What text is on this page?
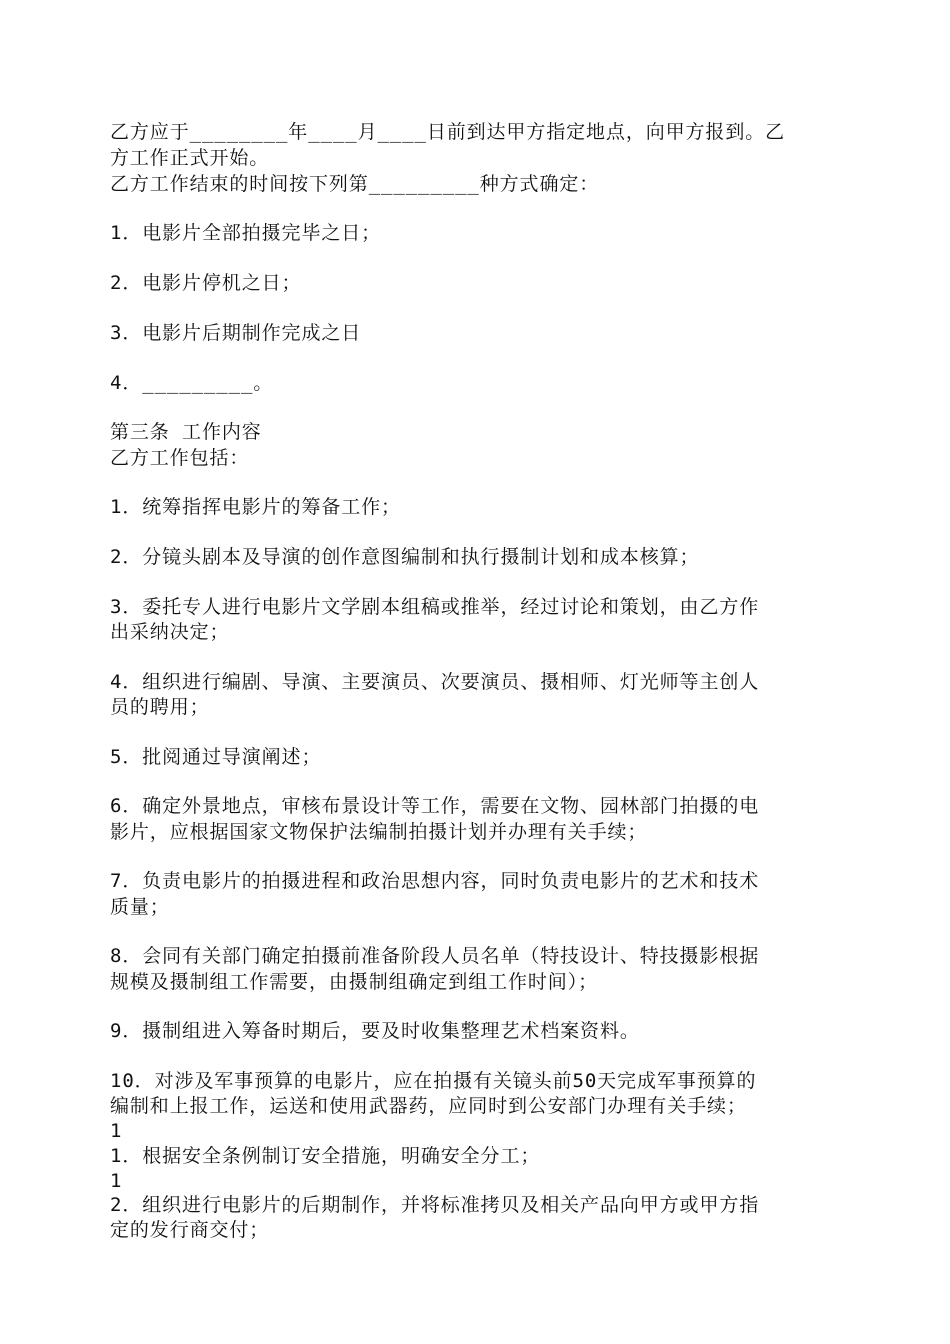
乙方应于________年____月____日前到达甲方指定地点，向甲方报到。乙
方工作正式开始。
乙方工作结束的时间按下列第_________种方式确定：
1．电影片全部拍摄完毕之日；
2．电影片停机之日；
3．电影片后期制作完成之日
4．_________。
第三条 工作内容
乙方工作包括：
1．统筹指挥电影片的筹备工作；
2．分镜头剧本及导演的创作意图编制和执行摄制计划和成本核算；
3．委托专人进行电影片文学剧本组稿或推举，经过讨论和策划，由乙方作
出采纳决定；
4．组织进行编剧、导演、主要演员、次要演员、摄相师、灯光师等主创人
员的聘用；
5．批阅通过导演阐述；
6．确定外景地点，审核布景设计等工作，需要在文物、园林部门拍摄的电
影片，应根据国家文物保护法编制拍摄计划并办理有关手续；
7．负责电影片的拍摄进程和政治思想内容，同时负责电影片的艺术和技术
质量；
8．会同有关部门确定拍摄前准备阶段人员名单（特技设计、特技摄影根据
规模及摄制组工作需要，由摄制组确定到组工作时间）；
9．摄制组进入筹备时期后，要及时收集整理艺术档案资料。
10．对涉及军事预算的电影片，应在拍摄有关镜头前50天完成军事预算的
编制和上报工作，运送和使用武器药，应同时到公安部门办理有关手续；
1
1．根据安全条例制订安全措施，明确安全分工；
1
2．组织进行电影片的后期制作，并将标准拷贝及相关产品向甲方或甲方指
定的发行商交付；
